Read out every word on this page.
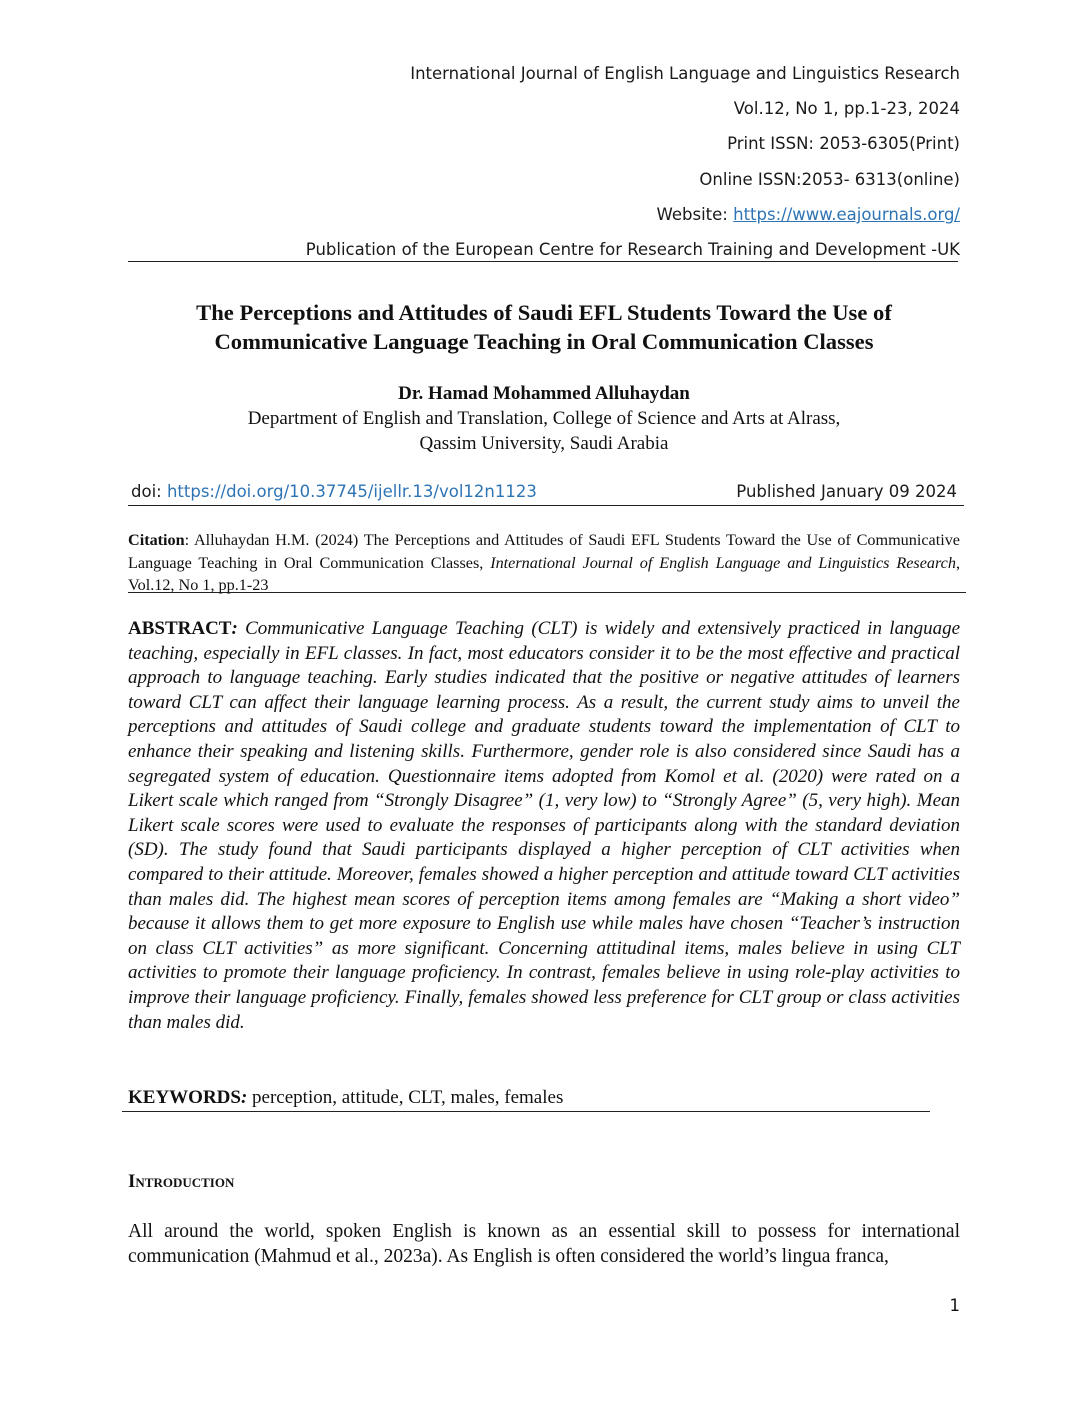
International Journal of English Language and Linguistics Research

Vol.12, No 1, pp.1-23, 2024

Print ISSN: 2053-6305(Print)

Online ISSN:2053- 6313(online)

Website: https://www.eajournals.org/

Publication of the European Centre for Research Training and Development -UK

The Perceptions and Attitudes of Saudi EFL Students Toward the Use of Communicative Language Teaching in Oral Communication Classes
Dr. Hamad Mohammed Alluhaydan
Department of English and Translation, College of Science and Arts at Alrass,
Qassim University, Saudi Arabia
doi: https://doi.org/10.37745/ijellr.13/vol12n1123	Published January 09 2024

Citation: Alluhaydan H.M. (2024) The Perceptions and Attitudes of Saudi EFL Students Toward the Use of Communicative Language Teaching in Oral Communication Classes, International Journal of English Language and Linguistics Research, Vol.12, No 1, pp.1-23

ABSTRACT: Communicative Language Teaching (CLT) is widely and extensively practiced in language teaching, especially in EFL classes. In fact, most educators consider it to be the most effective and practical approach to language teaching. Early studies indicated that the positive or negative attitudes of learners toward CLT can affect their language learning process. As a result, the current study aims to unveil the perceptions and attitudes of Saudi college and graduate students toward the implementation of CLT to enhance their speaking and listening skills. Furthermore, gender role is also considered since Saudi has a segregated system of education. Questionnaire items adopted from Komol et al. (2020) were rated on a Likert scale which ranged from “Strongly Disagree” (1, very low) to “Strongly Agree” (5, very high). Mean Likert scale scores were used to evaluate the responses of participants along with the standard deviation (SD). The study found that Saudi participants displayed a higher perception of CLT activities when compared to their attitude. Moreover, females showed a higher perception and attitude toward CLT activities than males did. The highest mean scores of perception items among females are “Making a short video” because it allows them to get more exposure to English use while males have chosen “Teacher’s instruction on class CLT activities” as more significant. Concerning attitudinal items, males believe in using CLT activities to promote their language proficiency. In contrast, females believe in using role-play activities to improve their language proficiency. Finally, females showed less preference for CLT group or class activities than males did.

KEYWORDS: perception, attitude, CLT, males, females
Introduction

All around the world, spoken English is known as an essential skill to possess for international communication (Mahmud et al., 2023a). As English is often considered the world’s lingua franca,

1
